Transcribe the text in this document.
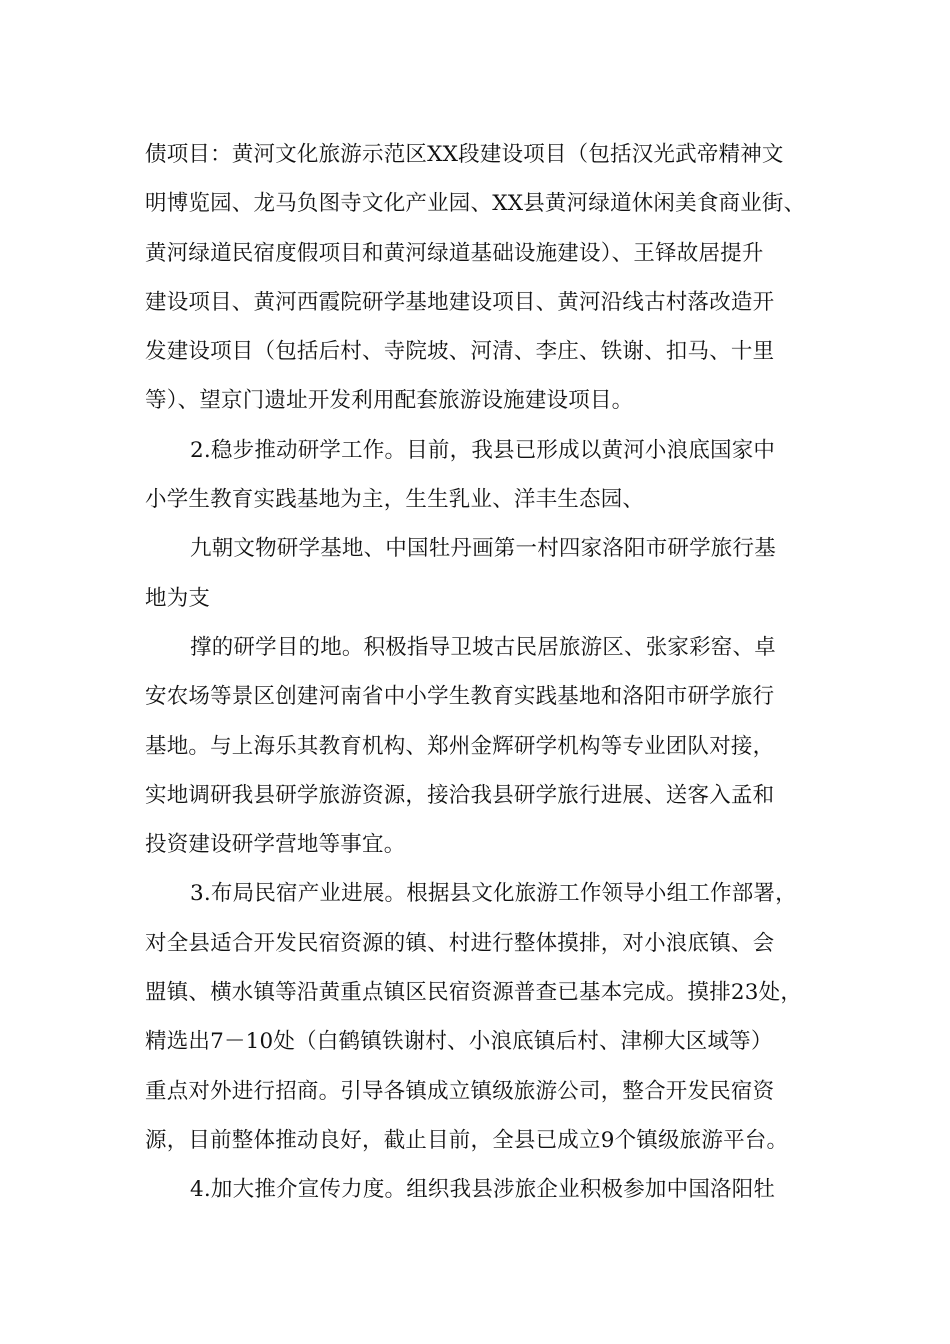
债项目：黄河文化旅游示范区XX段建设项目（包括汉光武帝精神文
明博览园、龙马负图寺文化产业园、XX县黄河绿道休闲美食商业街、
黄河绿道民宿度假项目和黄河绿道基础设施建设）、王铎故居提升
建设项目、黄河西霞院研学基地建设项目、黄河沿线古村落改造开
发建设项目（包括后村、寺院坡、河清、李庄、铁谢、扣马、十里
等）、望京门遗址开发利用配套旅游设施建设项目。
2.稳步推动研学工作。目前，我县已形成以黄河小浪底国家中
小学生教育实践基地为主，生生乳业、洋丰生态园、
九朝文物研学基地、中国牡丹画第一村四家洛阳市研学旅行基
地为支
撑的研学目的地。积极指导卫坡古民居旅游区、张家彩窑、卓
安农场等景区创建河南省中小学生教育实践基地和洛阳市研学旅行
基地。与上海乐其教育机构、郑州金辉研学机构等专业团队对接，
实地调研我县研学旅游资源，接洽我县研学旅行进展、送客入孟和
投资建设研学营地等事宜。
3.布局民宿产业进展。根据县文化旅游工作领导小组工作部署，
对全县适合开发民宿资源的镇、村进行整体摸排，对小浪底镇、会
盟镇、横水镇等沿黄重点镇区民宿资源普查已基本完成。摸排23处，
精选出7－10处（白鹤镇铁谢村、小浪底镇后村、津柳大区域等）
重点对外进行招商。引导各镇成立镇级旅游公司，整合开发民宿资
源，目前整体推动良好，截止目前，全县已成立9个镇级旅游平台。
4.加大推介宣传力度。组织我县涉旅企业积极参加中国洛阳牡
